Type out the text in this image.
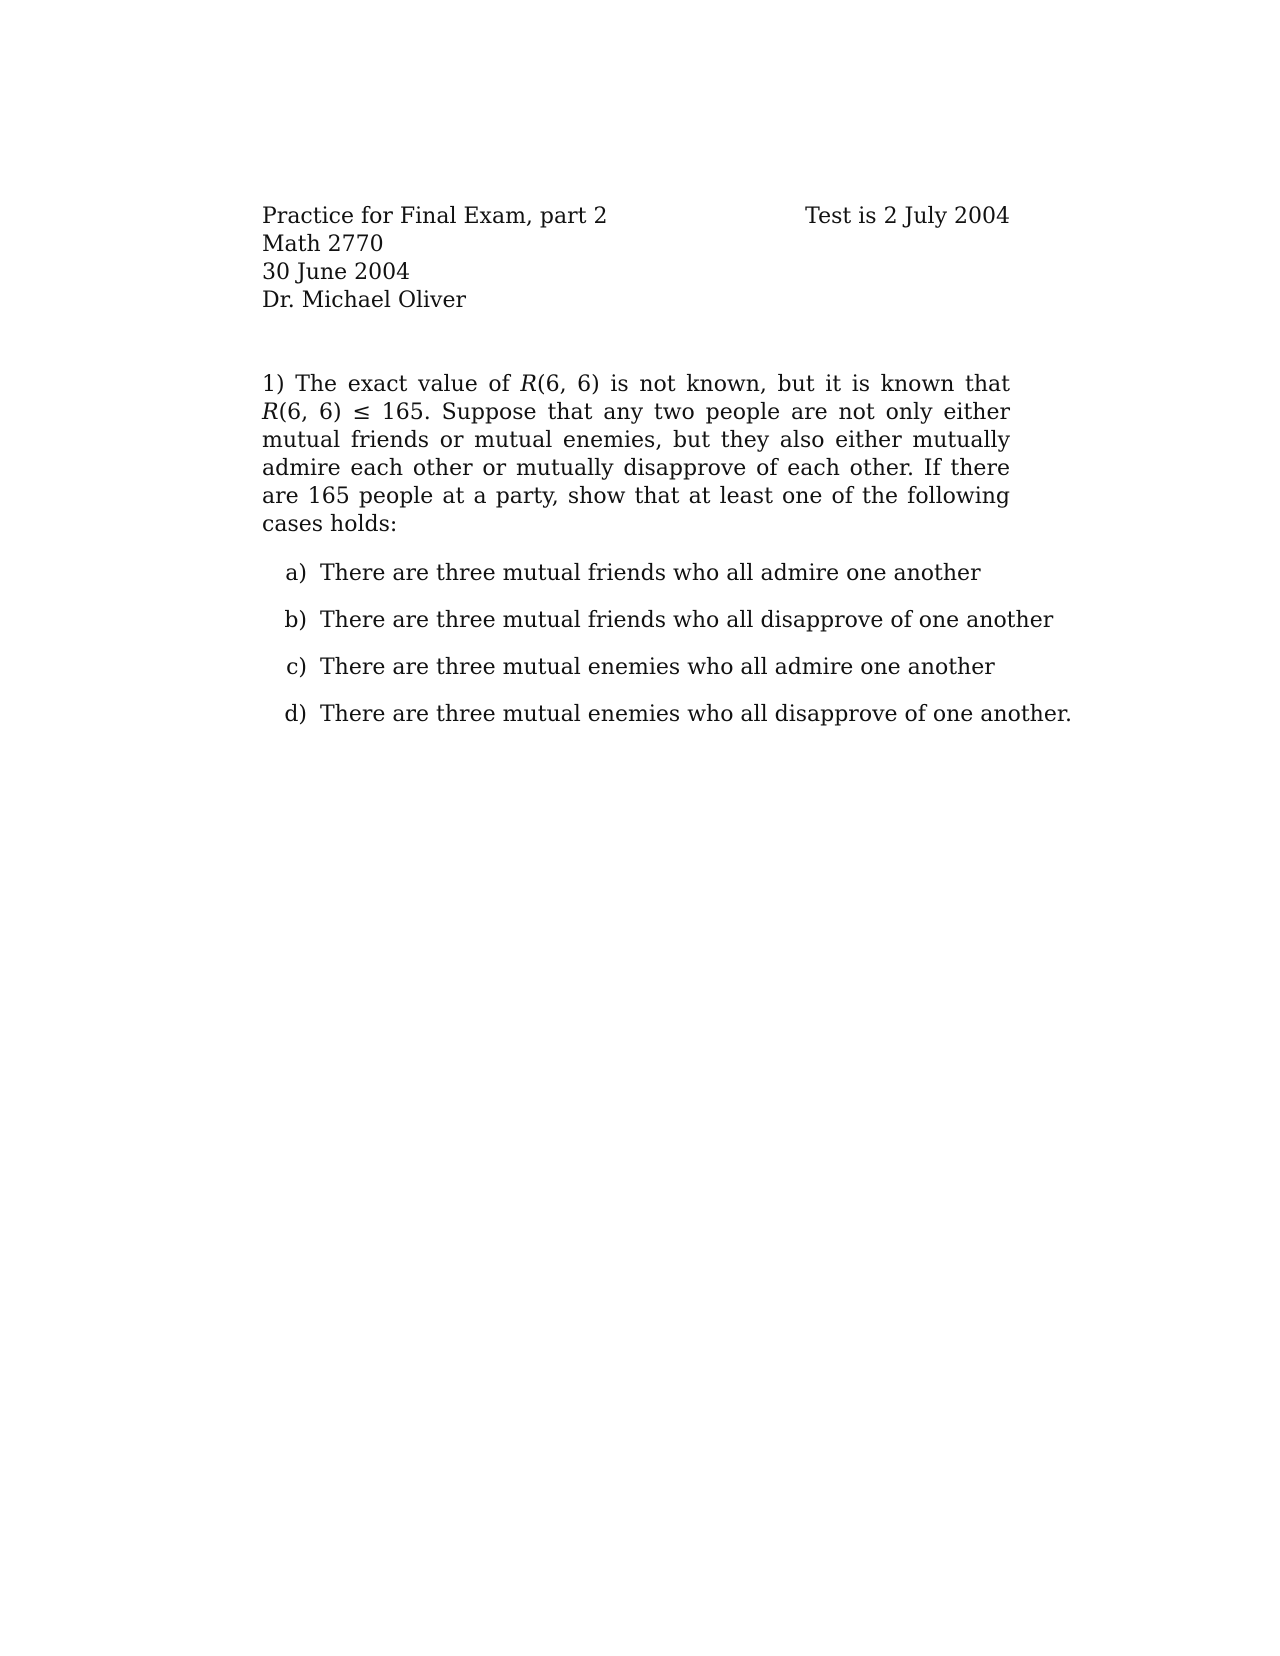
Practice for Final Exam, part 2
Math 2770
30 June 2004
Dr. Michael Oliver
Test is 2 July 2004
1) The exact value of R(6, 6) is not known, but it is known that R(6, 6) ≤ 165. Suppose that any two people are not only either mutual friends or mutual enemies, but they also either mutually admire each other or mutually disapprove of each other. If there are 165 people at a party, show that at least one of the following cases holds:
a) There are three mutual friends who all admire one another
b) There are three mutual friends who all disapprove of one another
c) There are three mutual enemies who all admire one another
d) There are three mutual enemies who all disapprove of one another.
